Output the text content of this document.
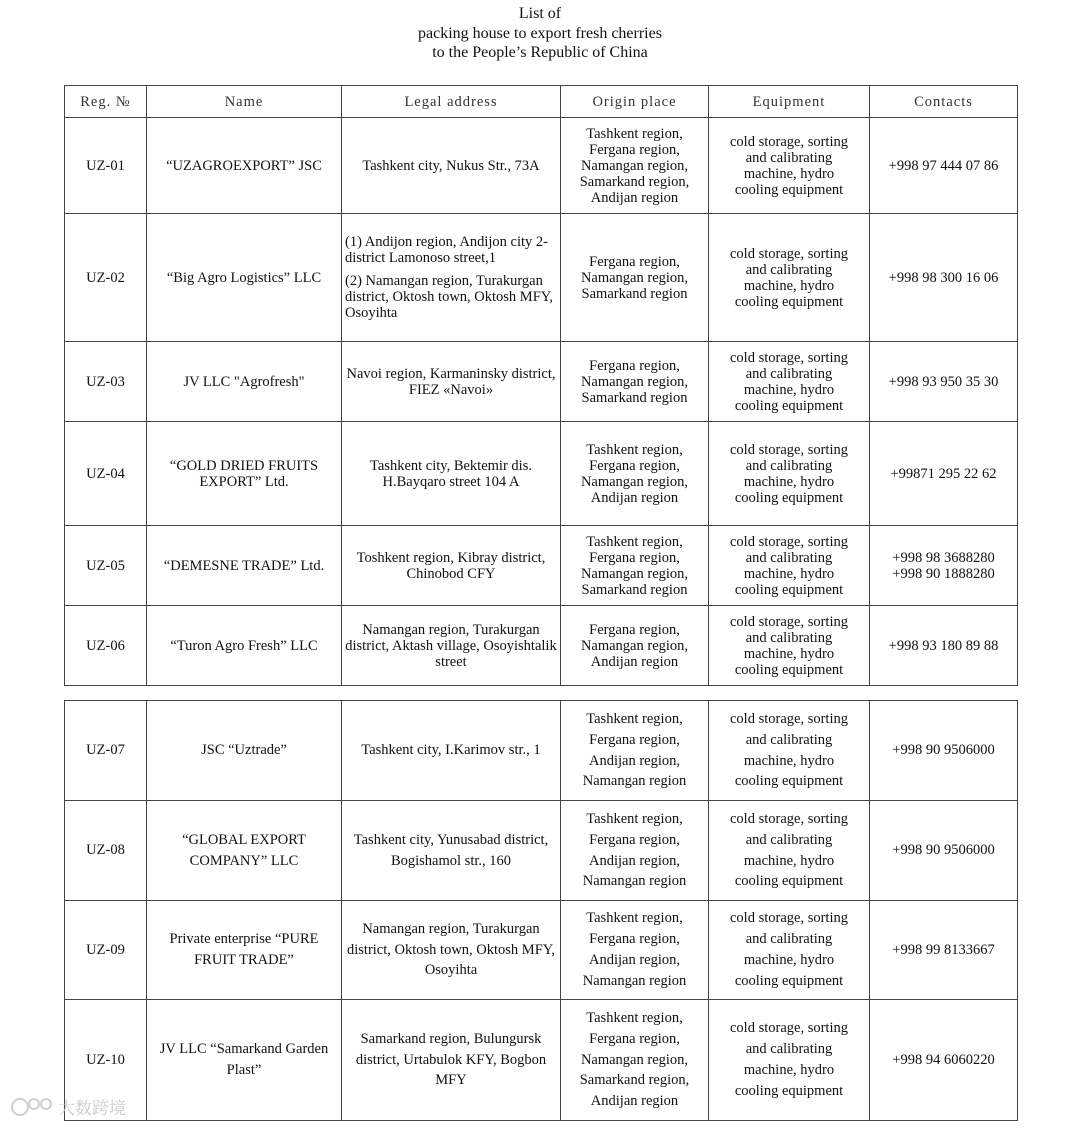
List of
packing house to export fresh cherries
to the People’s Republic of China
Reg. №	Name	Legal address	Origin place	Equipment	Contacts
UZ-01	“UZAGROEXPORT” JSC	Tashkent city, Nukus Str., 73A	Tashkent region,
Fergana region,
Namangan region,
Samarkand region,
Andijan region	cold storage, sorting
and calibrating
machine, hydro
cooling equipment	+998 97 444 07 86

UZ-02	“Big Agro Logistics” LLC	(1) Andijon region, Andijon city 2- district Lamonoso street,1
(2) Namangan region, Turakurgan district, Oktosh town, Oktosh MFY, Osoyihta	Fergana region,
Namangan region,
Samarkand region	cold storage, sorting
and calibrating
machine, hydro
cooling equipment	+998 98 300 16 06

UZ-03	JV LLC "Agrofresh"	Navoi region, Karmaninsky district, FIEZ «Navoi»	Fergana region,
Namangan region,
Samarkand region	cold storage, sorting
and calibrating
machine, hydro
cooling equipment	+998 93 950 35 30

UZ-04	“GOLD DRIED FRUITS EXPORT” Ltd.	Tashkent city, Bektemir dis. H.Bayqaro street 104 A	Tashkent region,
Fergana region,
Namangan region,
Andijan region	cold storage, sorting
and calibrating
machine, hydro
cooling equipment	+99871 295 22 62

UZ-05	“DEMESNE TRADE” Ltd.	Toshkent region, Kibray district, Chinobod CFY	Tashkent region,
Fergana region,
Namangan region,
Samarkand region	cold storage, sorting
and calibrating
machine, hydro
cooling equipment	+998 98 3688280
+998 90 1888280

UZ-06	“Turon Agro Fresh” LLC	Namangan region, Turakurgan district, Aktash village, Osoyishtalik street	Fergana region,
Namangan region,
Andijan region	cold storage, sorting
and calibrating
machine, hydro
cooling equipment	+998 93 180 89 88
UZ-07	JSC “Uztrade”	Tashkent city, I.Karimov str., 1	Tashkent region,
Fergana region,
Andijan region,
Namangan region	cold storage, sorting
and calibrating
machine, hydro
cooling equipment	+998 90 9506000

UZ-08	“GLOBAL EXPORT COMPANY” LLC	Tashkent city, Yunusabad district, Bogishamol str., 160	Tashkent region,
Fergana region,
Andijan region,
Namangan region	cold storage, sorting
and calibrating
machine, hydro
cooling equipment	+998 90 9506000

UZ-09	Private enterprise “PURE FRUIT TRADE”	Namangan region, Turakurgan district, Oktosh town, Oktosh MFY, Osoyihta	Tashkent region,
Fergana region,
Andijan region,
Namangan region	cold storage, sorting
and calibrating
machine, hydro
cooling equipment	+998 99 8133667

UZ-10	JV LLC “Samarkand Garden Plast”	Samarkand region, Bulungursk district, Urtabulok KFY, Bogbon MFY	Tashkent region,
Fergana region,
Namangan region,
Samarkand region,
Andijan region	cold storage, sorting
and calibrating
machine, hydro
cooling equipment	+998 94 6060220
大数跨境
